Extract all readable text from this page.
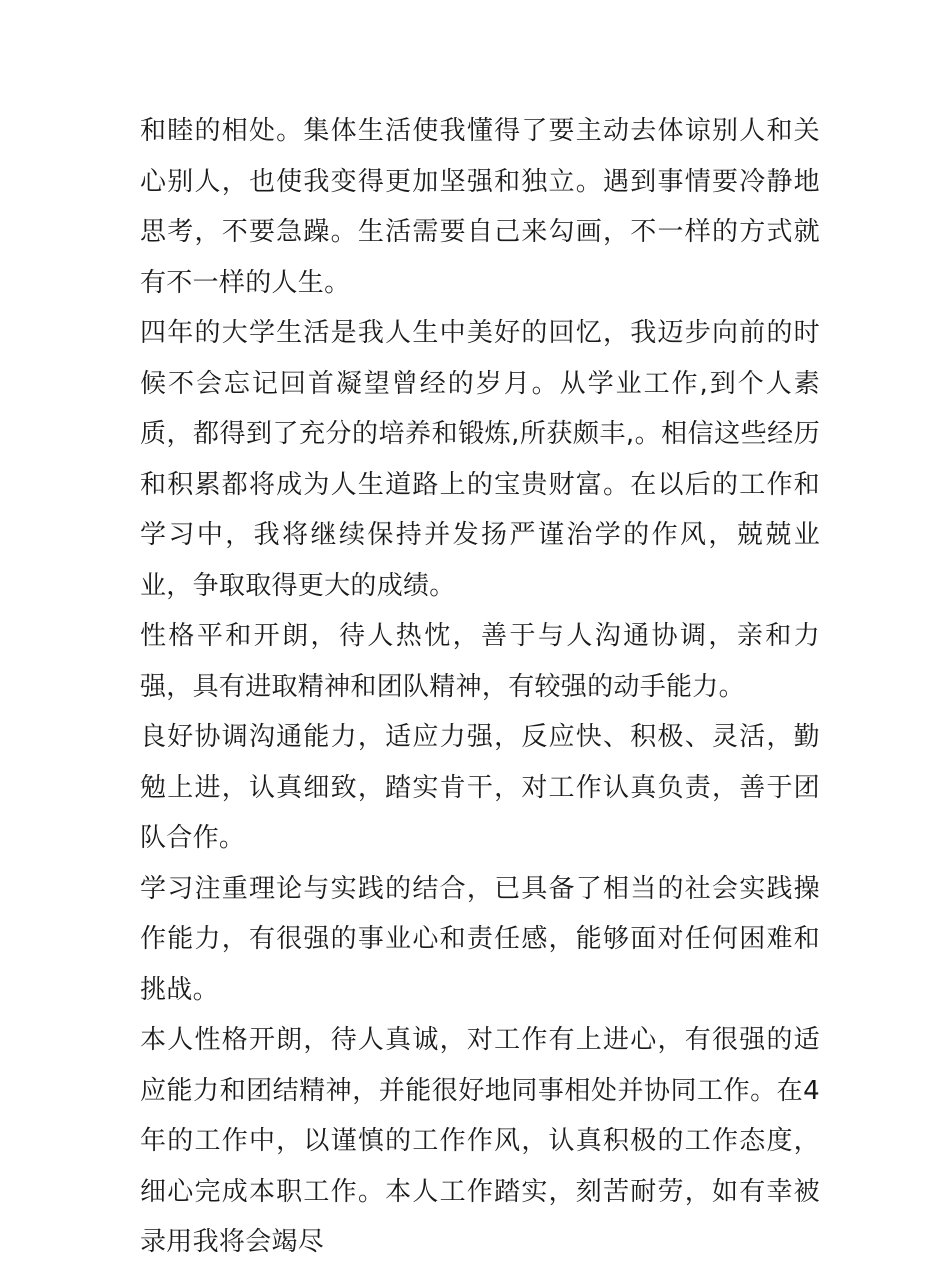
和睦的相处。集体生活使我懂得了要主动去体谅别人和关心别人，也使我变得更加坚强和独立。遇到事情要冷静地思考，不要急躁。生活需要自己来勾画，不一样的方式就有不一样的人生。

四年的大学生活是我人生中美好的回忆，我迈步向前的时候不会忘记回首凝望曾经的岁月。从学业工作,到个人素质，都得到了充分的培养和锻炼,所获颇丰,。相信这些经历和积累都将成为人生道路上的宝贵财富。在以后的工作和学习中，我将继续保持并发扬严谨治学的作风，兢兢业业，争取取得更大的成绩。

性格平和开朗，待人热忱，善于与人沟通协调，亲和力强，具有进取精神和团队精神，有较强的动手能力。

良好协调沟通能力，适应力强，反应快、积极、灵活，勤勉上进，认真细致，踏实肯干，对工作认真负责，善于团队合作。

学习注重理论与实践的结合，已具备了相当的社会实践操作能力，有很强的事业心和责任感，能够面对任何困难和挑战。

本人性格开朗，待人真诚，对工作有上进心，有很强的适应能力和团结精神，并能很好地同事相处并协同工作。在4年的工作中，以谨慎的工作作风，认真积极的工作态度，细心完成本职工作。本人工作踏实，刻苦耐劳，如有幸被录用我将会竭尽
